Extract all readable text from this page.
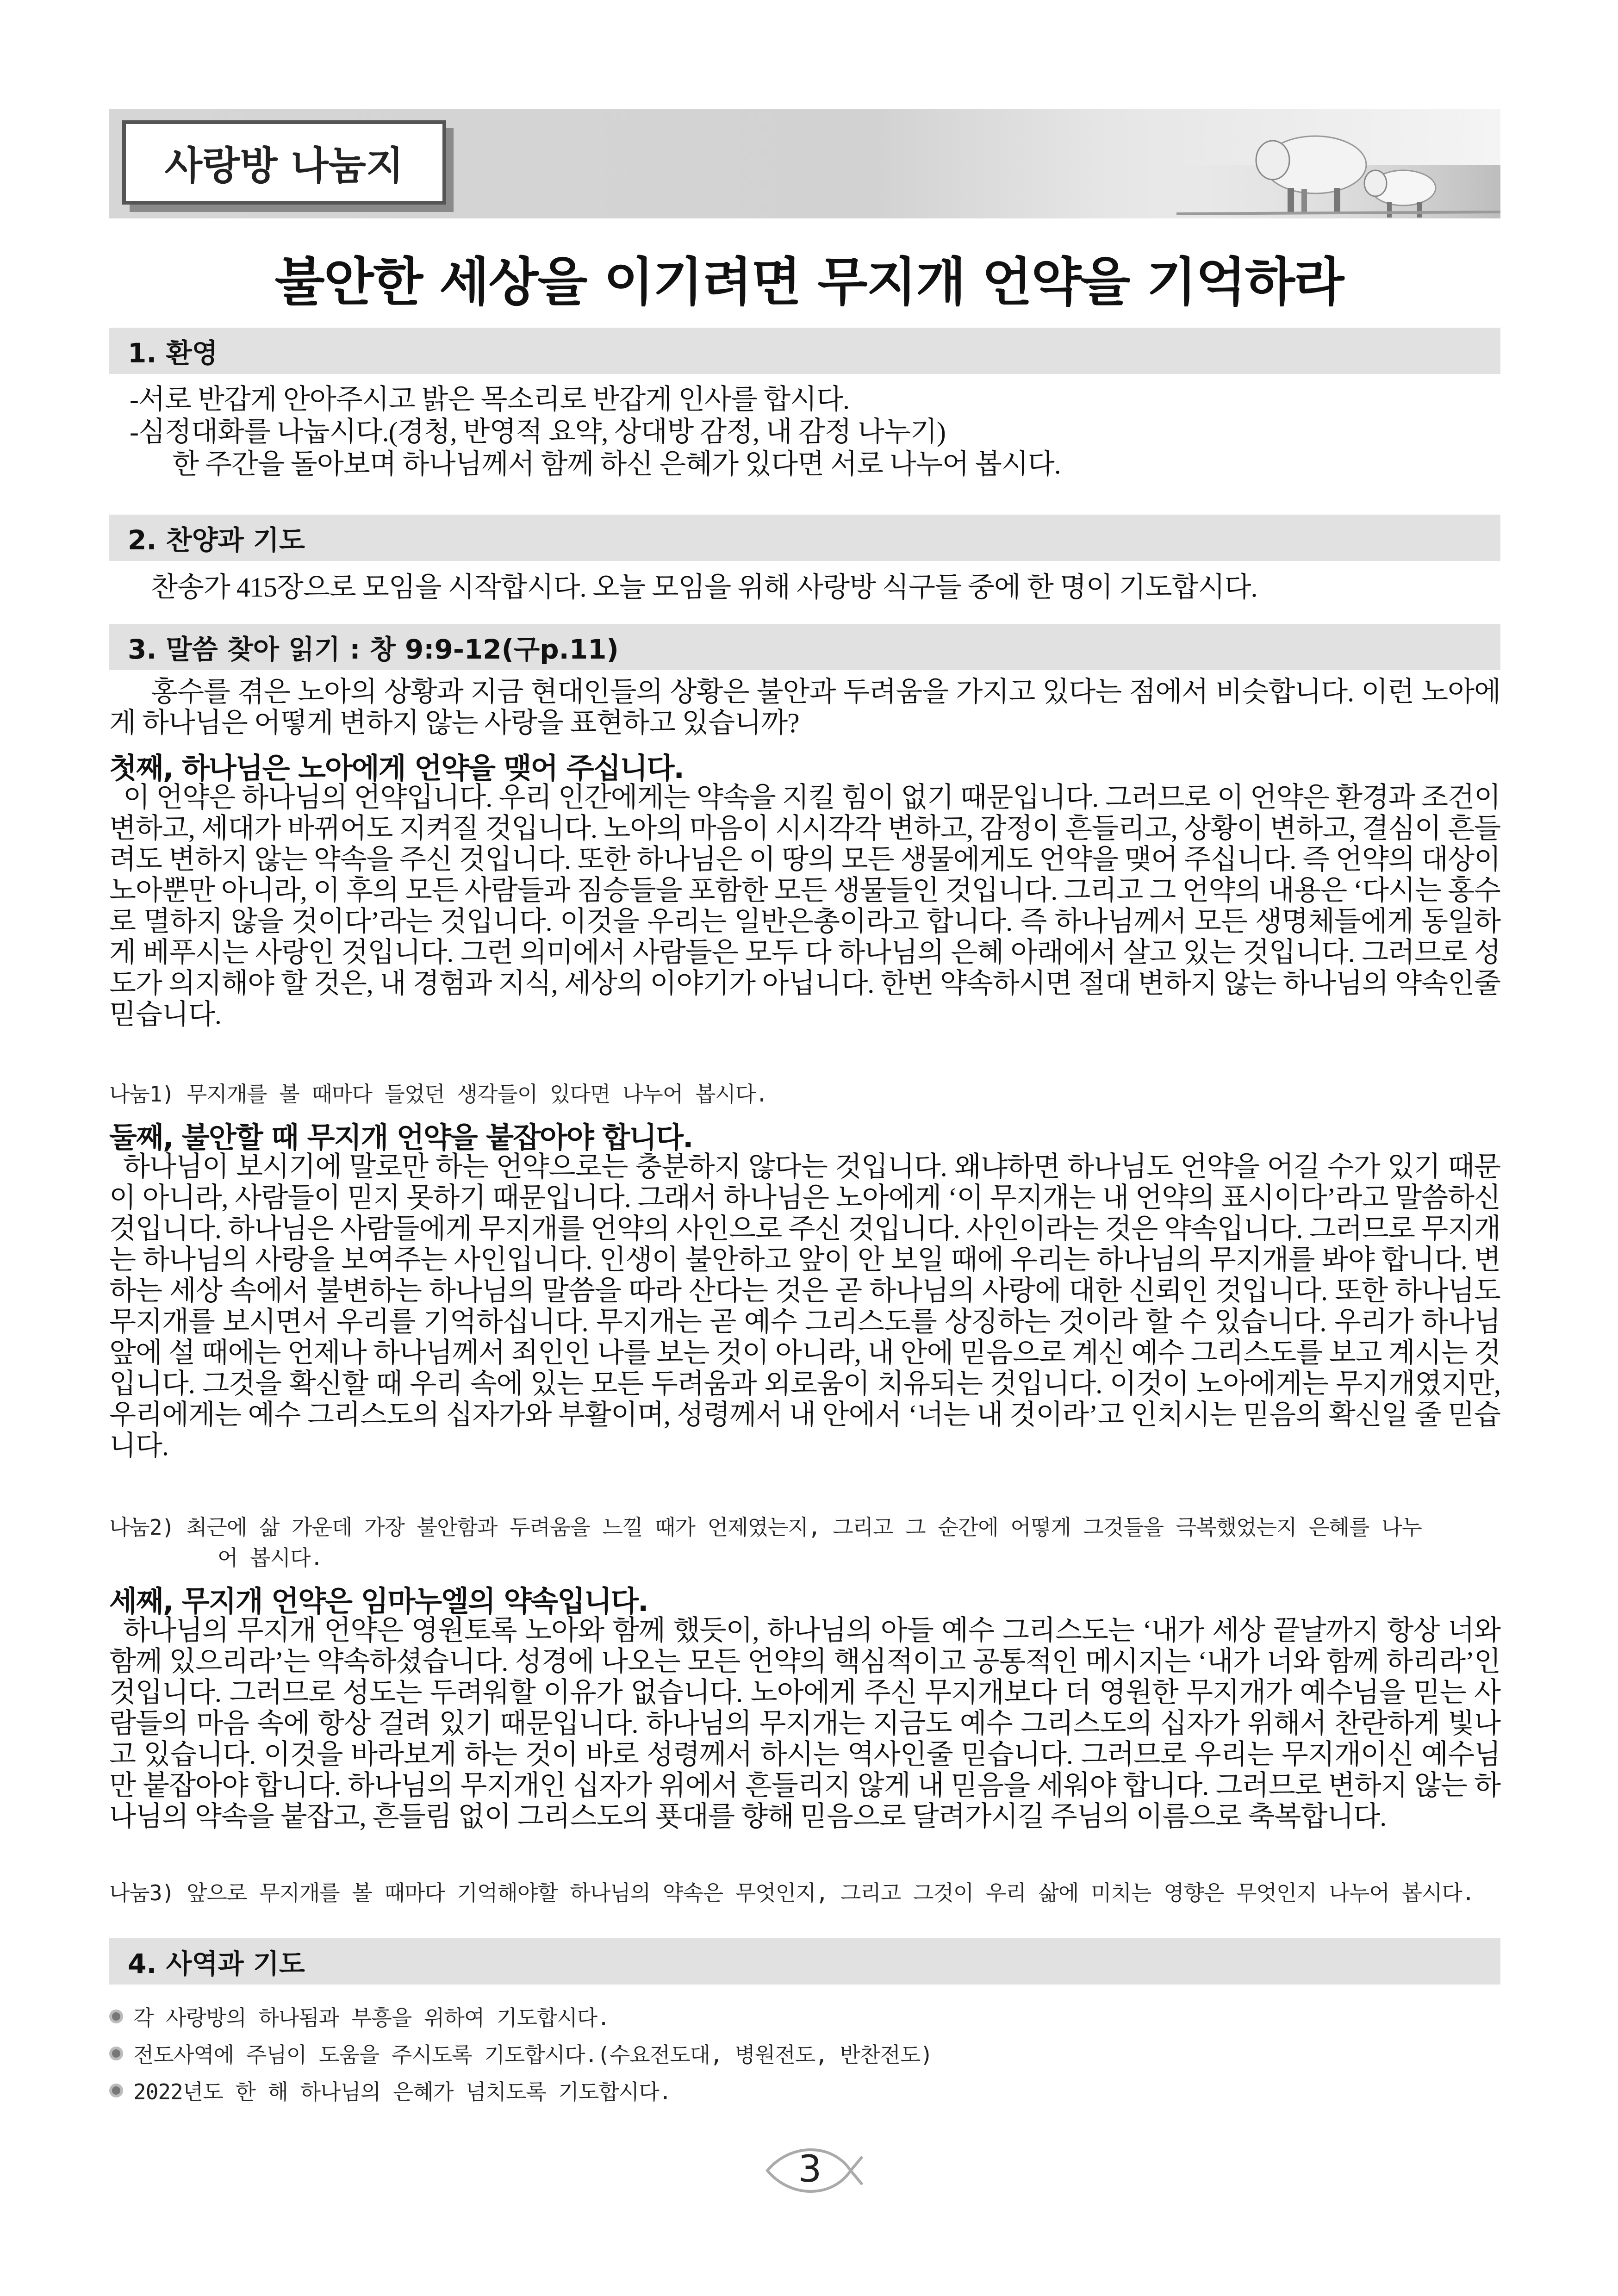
사랑방 나눔지
불안한 세상을 이기려면 무지개 언약을 기억하라
1. 환영
-서로 반갑게 안아주시고 밝은 목소리로 반갑게 인사를 합시다.
-심정대화를 나눕시다.(경청, 반영적 요약, 상대방 감정, 내 감정 나누기)
한 주간을 돌아보며 하나님께서 함께 하신 은혜가 있다면 서로 나누어 봅시다.
2. 찬양과 기도
찬송가 415장으로 모임을 시작합시다. 오늘 모임을 위해 사랑방 식구들 중에 한 명이 기도합시다.
3. 말씀 찾아 읽기 : 창 9:9-12(구p.11)
홍수를 겪은 노아의 상황과 지금 현대인들의 상황은 불안과 두려움을 가지고 있다는 점에서 비슷합니다. 이런 노아에게 하나님은 어떻게 변하지 않는 사랑을 표현하고 있습니까?
첫째, 하나님은 노아에게 언약을 맺어 주십니다.
이 언약은 하나님의 언약입니다. 우리 인간에게는 약속을 지킬 힘이 없기 때문입니다. 그러므로 이 언약은 환경과 조건이 변하고, 세대가 바뀌어도 지켜질 것입니다. 노아의 마음이 시시각각 변하고, 감정이 흔들리고, 상황이 변하고, 결심이 흔들려도 변하지 않는 약속을 주신 것입니다. 또한 하나님은 이 땅의 모든 생물에게도 언약을 맺어 주십니다. 즉 언약의 대상이 노아뿐만 아니라, 이 후의 모든 사람들과 짐승들을 포함한 모든 생물들인 것입니다. 그리고 그 언약의 내용은 ‘다시는 홍수로 멸하지 않을 것이다’라는 것입니다. 이것을 우리는 일반은총이라고 합니다. 즉 하나님께서 모든 생명체들에게 동일하게 베푸시는 사랑인 것입니다. 그런 의미에서 사람들은 모두 다 하나님의 은혜 아래에서 살고 있는 것입니다. 그러므로 성도가 의지해야 할 것은, 내 경험과 지식, 세상의 이야기가 아닙니다. 한번 약속하시면 절대 변하지 않는 하나님의 약속인줄 믿습니다.
나눔1) 무지개를 볼 때마다 들었던 생각들이 있다면 나누어 봅시다.
둘째, 불안할 때 무지개 언약을 붙잡아야 합니다.
하나님이 보시기에 말로만 하는 언약으로는 충분하지 않다는 것입니다. 왜냐하면 하나님도 언약을 어길 수가 있기 때문이 아니라, 사람들이 믿지 못하기 때문입니다. 그래서 하나님은 노아에게 ‘이 무지개는 내 언약의 표시이다’라고 말씀하신 것입니다. 하나님은 사람들에게 무지개를 언약의 사인으로 주신 것입니다. 사인이라는 것은 약속입니다. 그러므로 무지개는 하나님의 사랑을 보여주는 사인입니다. 인생이 불안하고 앞이 안 보일 때에 우리는 하나님의 무지개를 봐야 합니다. 변하는 세상 속에서 불변하는 하나님의 말씀을 따라 산다는 것은 곧 하나님의 사랑에 대한 신뢰인 것입니다. 또한 하나님도 무지개를 보시면서 우리를 기억하십니다. 무지개는 곧 예수 그리스도를 상징하는 것이라 할 수 있습니다. 우리가 하나님 앞에 설 때에는 언제나 하나님께서 죄인인 나를 보는 것이 아니라, 내 안에 믿음으로 계신 예수 그리스도를 보고 계시는 것입니다. 그것을 확신할 때 우리 속에 있는 모든 두려움과 외로움이 치유되는 것입니다. 이것이 노아에게는 무지개였지만, 우리에게는 예수 그리스도의 십자가와 부활이며, 성령께서 내 안에서 ‘너는 내 것이라’고 인치시는 믿음의 확신일 줄 믿습니다.
나눔2) 최근에 삶 가운데 가장 불안함과 두려움을 느낄 때가 언제였는지, 그리고 그 순간에 어떻게 그것들을 극복했었는지 은혜를 나누
어 봅시다.
세째, 무지개 언약은 임마누엘의 약속입니다.
하나님의 무지개 언약은 영원토록 노아와 함께 했듯이, 하나님의 아들 예수 그리스도는 ‘내가 세상 끝날까지 항상 너와 함께 있으리라’는 약속하셨습니다. 성경에 나오는 모든 언약의 핵심적이고 공통적인 메시지는 ‘내가 너와 함께 하리라’인 것입니다. 그러므로 성도는 두려워할 이유가 없습니다. 노아에게 주신 무지개보다 더 영원한 무지개가 예수님을 믿는 사람들의 마음 속에 항상 걸려 있기 때문입니다. 하나님의 무지개는 지금도 예수 그리스도의 십자가 위해서 찬란하게 빛나고 있습니다. 이것을 바라보게 하는 것이 바로 성령께서 하시는 역사인줄 믿습니다. 그러므로 우리는 무지개이신 예수님만 붙잡아야 합니다. 하나님의 무지개인 십자가 위에서 흔들리지 않게 내 믿음을 세워야 합니다. 그러므로 변하지 않는 하나님의 약속을 붙잡고, 흔들림 없이 그리스도의 푯대를 향해 믿음으로 달려가시길 주님의 이름으로 축복합니다.
나눔3) 앞으로 무지개를 볼 때마다 기억해야할 하나님의 약속은 무엇인지, 그리고 그것이 우리 삶에 미치는 영향은 무엇인지 나누어 봅시다.
4. 사역과 기도
각 사랑방의 하나됨과 부흥을 위하여 기도합시다.
전도사역에 주님이 도움을 주시도록 기도합시다.(수요전도대, 병원전도, 반찬전도)
2022년도 한 해 하나님의 은혜가 넘치도록 기도합시다.
3
